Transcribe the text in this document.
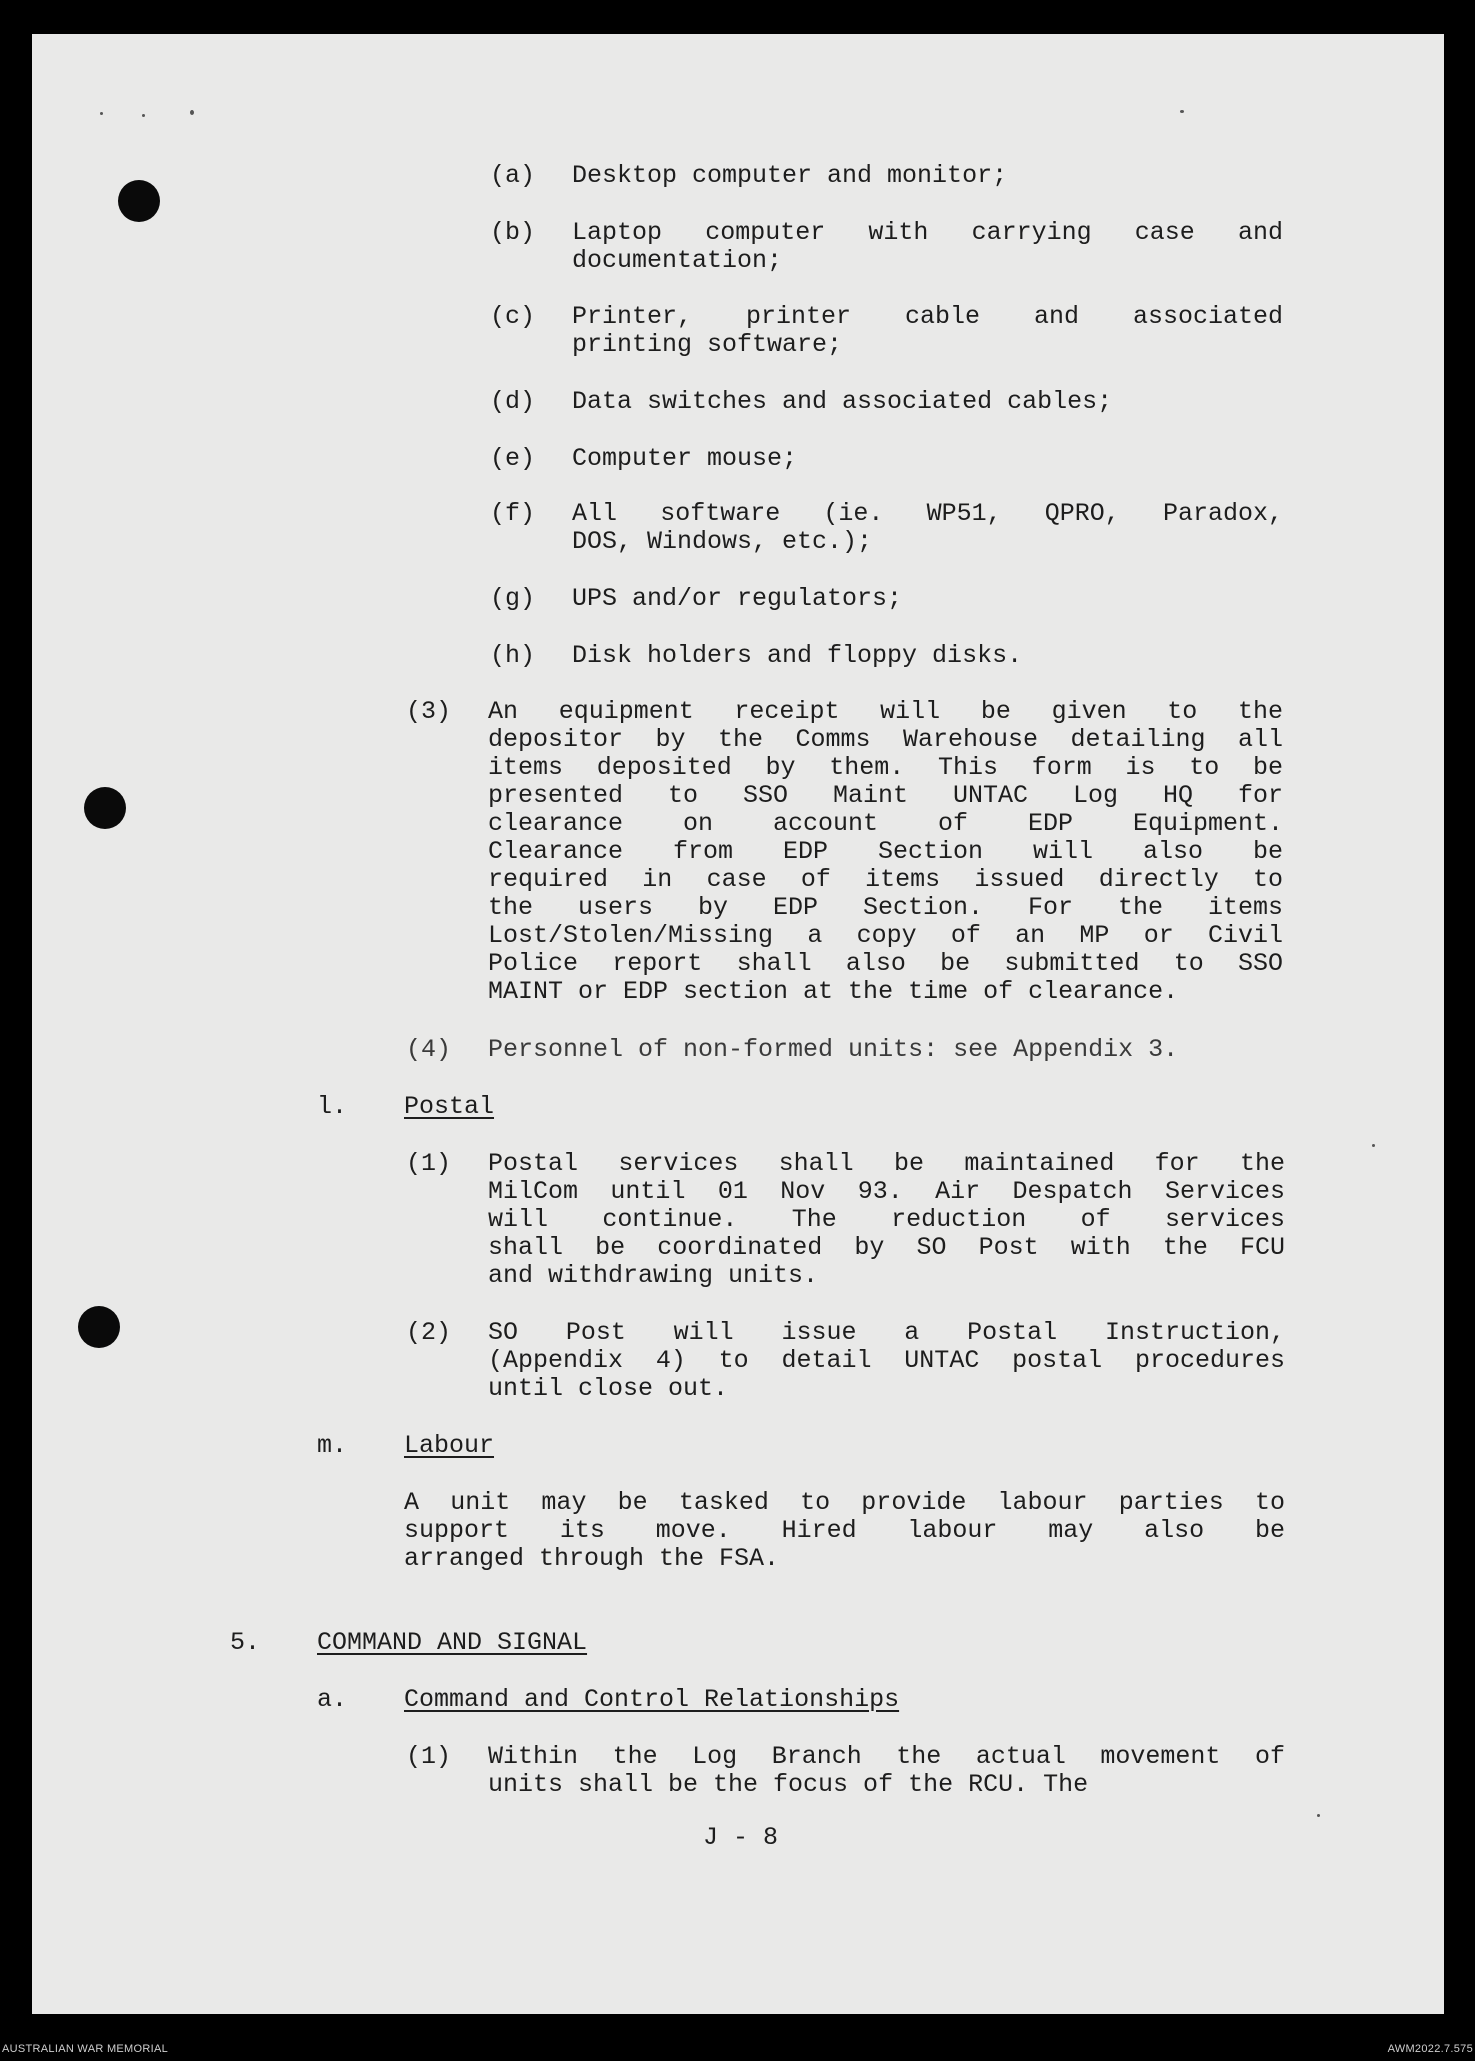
(a) Desktop computer and monitor;
(b) Laptop computer with carrying case and
documentation;
(c) Printer, printer cable and associated
printing software;
(d) Data switches and associated cables;
(e) Computer mouse;
(f) All software (ie. WP51, QPRO, Paradox,
DOS, Windows, etc.);
(g) UPS and/or regulators;
(h) Disk holders and floppy disks.
(3) An equipment receipt will be given to the
depositor by the Comms Warehouse detailing all
items deposited by them. This form is to be
presented to SSO Maint UNTAC Log HQ for
clearance on account of EDP Equipment.
Clearance from EDP Section will also be
required in case of items issued directly to
the users by EDP Section. For the items
Lost/Stolen/Missing a copy of an MP or Civil
Police report shall also be submitted to SSO
MAINT or EDP section at the time of clearance.
(4) Personnel of non-formed units: see Appendix 3.
l. Postal
(1) Postal services shall be maintained for the
MilCom until 01 Nov 93. Air Despatch Services
will continue. The reduction of services
shall be coordinated by SO Post with the FCU
and withdrawing units.
(2) SO Post will issue a Postal Instruction,
(Appendix 4) to detail UNTAC postal procedures
until close out.
m. Labour
A unit may be tasked to provide labour parties to
support its move. Hired labour may also be
arranged through the FSA.
5. COMMAND AND SIGNAL
a. Command and Control Relationships
(1) Within the Log Branch the actual movement of
units shall be the focus of the RCU. The
J - 8
AUSTRALIAN WAR MEMORIAL	AWM2022.7.575
